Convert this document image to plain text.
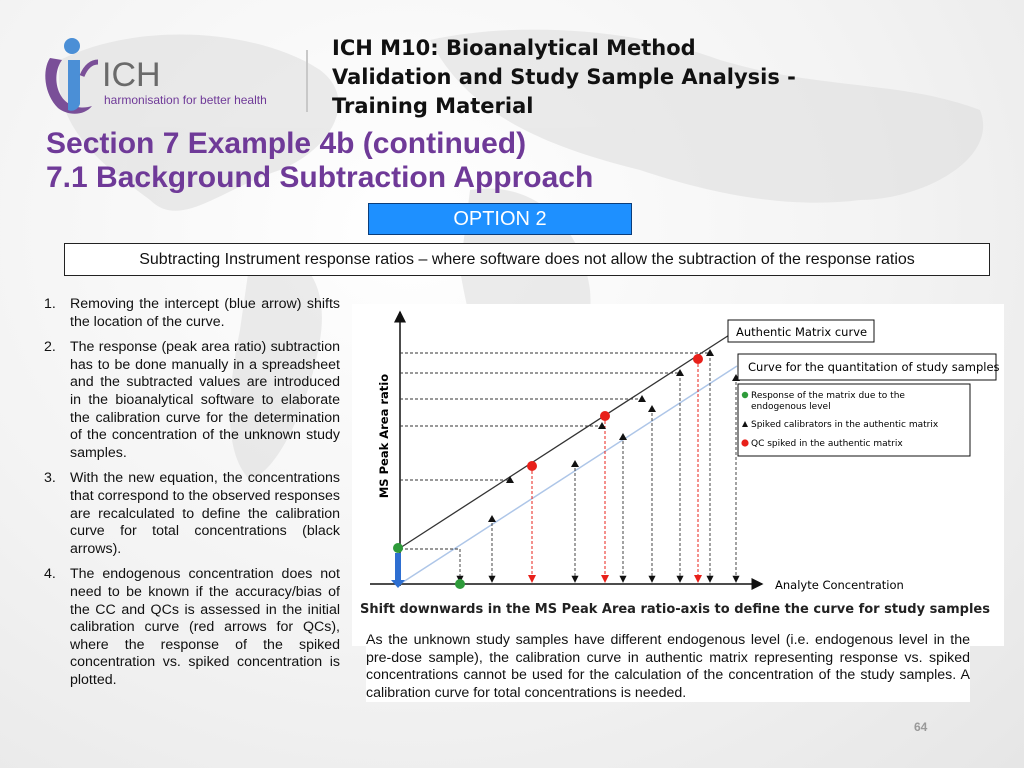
ICH
harmonisation for better health
ICH M10: Bioanalytical Method
Validation and Study Sample Analysis -
Training Material
Section 7 Example 4b (continued)
7.1 Background Subtraction Approach
OPTION 2
Subtracting Instrument response ratios – where software does not allow the subtraction of the response ratios
1. Removing the intercept (blue arrow) shifts the location of the curve.
2. The response (peak area ratio) subtraction has to be done manually in a spreadsheet and the subtracted values are introduced in the bioanalytical software to elaborate the calibration curve for the determination of the concentration of the unknown study samples.
3. With the new equation, the concentrations that correspond to the observed responses are recalculated to define the calibration curve for total concentrations (black arrows).
4. The endogenous concentration does not need to be known if the accuracy/bias of the CC and QCs is assessed in the initial calibration curve (red arrows for QCs), where the response of the spiked concentration vs. spiked concentration is plotted.
MS Peak Area ratio
Analyte Concentration
Authentic Matrix curve
Curve for the quantitation of study samples
Response of the matrix due to the
endogenous level
Spiked calibrators in the authentic matrix
QC spiked in the authentic matrix
Shift downwards in the MS Peak Area ratio-axis to define the curve for study samples
As the unknown study samples have different endogenous level (i.e. endogenous level in the pre-dose sample), the calibration curve in authentic matrix representing response vs. spiked concentrations cannot be used for the calculation of the concentration of the study samples. A calibration curve for total concentrations is needed.
64
